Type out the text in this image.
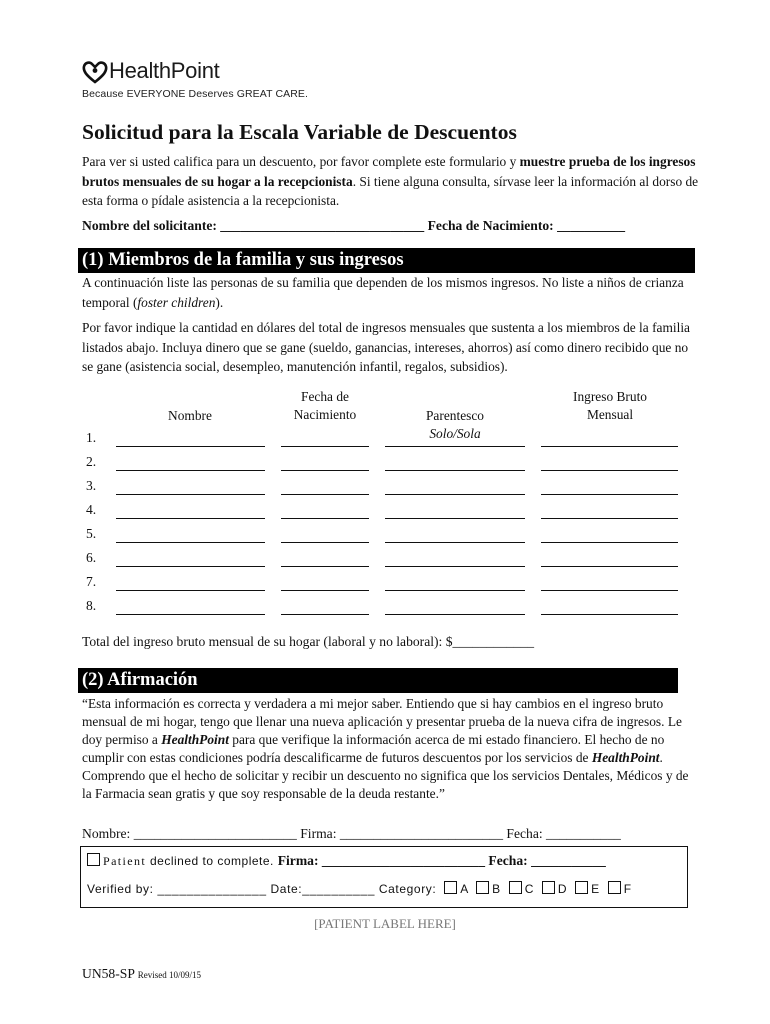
HealthPoint
Because EVERYONE Deserves GREAT CARE.
Solicitud para la Escala Variable de Descuentos
Para ver si usted califica para un descuento, por favor complete este formulario y muestre prueba de los ingresos brutos mensuales de su hogar a la recepcionista. Si tiene alguna consulta, sírvase leer la información al dorso de esta forma o pídale asistencia a la recepcionista.
Nombre del solicitante: ______________________________ Fecha de Nacimiento: __________
(1) Miembros de la familia y sus ingresos
A continuación liste las personas de su familia que dependen de los mismos ingresos. No liste a niños de crianza temporal (foster children).
Por favor indique la cantidad en dólares del total de ingresos mensuales que sustenta a los miembros de la familia listados abajo. Incluya dinero que se gane (sueldo, ganancias, intereses, ahorros) así como dinero recibido que no se gane (asistencia social, desempleo, manutención infantil, regalos, subsidios).
Nombre
Fecha de
Nacimiento	Parentesco
Solo/Sola
Ingreso Bruto
Mensual
1.
2.
3.
4.
5.
6.
7.
8.
Total del ingreso bruto mensual de su hogar (laboral y no laboral): $____________
(2) Afirmación
“Esta información es correcta y verdadera a mi mejor saber. Entiendo que si hay cambios en el ingreso bruto mensual de mi hogar, tengo que llenar una nueva aplicación y presentar prueba de la nueva cifra de ingresos. Le doy permiso a HealthPoint para que verifique la información acerca de mi estado financiero. El hecho de no cumplir con estas condiciones podría descalificarme de futuros descuentos por los servicios de HealthPoint. Comprendo que el hecho de solicitar y recibir un descuento no significa que los servicios Dentales, Médicos y de la Farmacia sean gratis y que soy responsable de la deuda restante.”
Nombre: ________________________ Firma: ________________________ Fecha: ___________
Patient declined to complete. Firma: ________________________ Fecha: ___________
Verified by: _______________ Date:__________ Category: A B C D E F
[PATIENT LABEL HERE]
UN58-SP Revised 10/09/15
